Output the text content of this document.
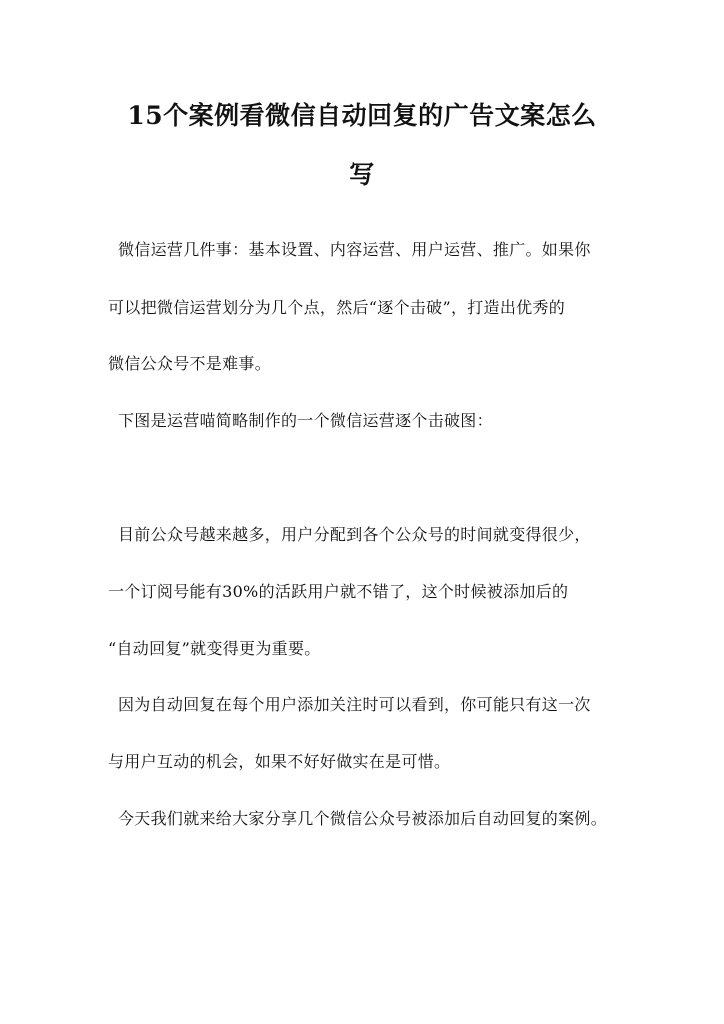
15个案例看微信自动回复的广告文案怎么
写
微信运营几件事：基本设置、内容运营、用户运营、推广。如果你
可以把微信运营划分为几个点，然后“逐个击破”，打造出优秀的
微信公众号不是难事。
下图是运营喵简略制作的一个微信运营逐个击破图：
目前公众号越来越多，用户分配到各个公众号的时间就变得很少，
一个订阅号能有30%的活跃用户就不错了，这个时候被添加后的
“自动回复”就变得更为重要。
因为自动回复在每个用户添加关注时可以看到，你可能只有这一次
与用户互动的机会，如果不好好做实在是可惜。
今天我们就来给大家分享几个微信公众号被添加后自动回复的案例。
